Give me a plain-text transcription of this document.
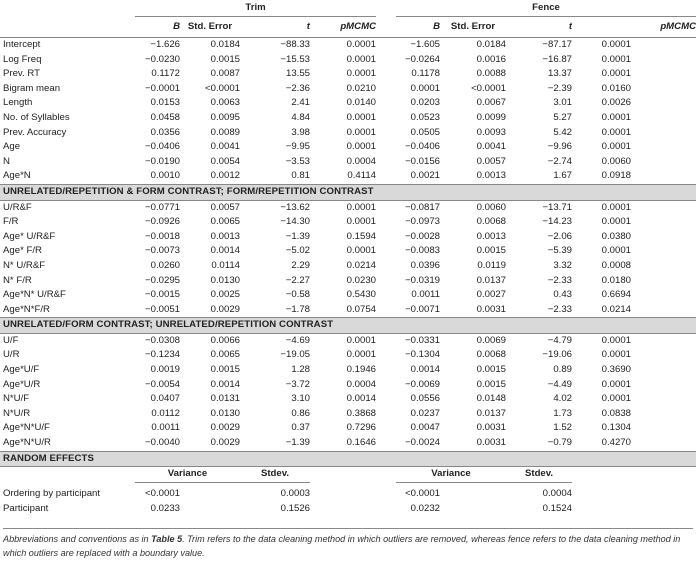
	Trim					Fence				
	B	Std. Error	t	pMCMC		B	Std. Error	t	pMCMC	
Intercept	−1.626	0.0184	−88.33	0.0001		−1.605	0.0184	−87.17	0.0001	
Log Freq	−0.0230	0.0015	−15.53	0.0001		−0.0264	0.0016	−16.87	0.0001	
Prev. RT	0.1172	0.0087	13.55	0.0001		0.1178	0.0088	13.37	0.0001	
Bigram mean	−0.0001	<0.0001	−2.36	0.0210		0.0001	<0.0001	−2.39	0.0160	
Length	0.0153	0.0063	2.41	0.0140		0.0203	0.0067	3.01	0.0026	
No. of Syllables	0.0458	0.0095	4.84	0.0001		0.0523	0.0099	5.27	0.0001	
Prev. Accuracy	0.0356	0.0089	3.98	0.0001		0.0505	0.0093	5.42	0.0001	
Age	−0.0406	0.0041	−9.95	0.0001		−0.0406	0.0041	−9.96	0.0001	
N	−0.0190	0.0054	−3.53	0.0004		−0.0156	0.0057	−2.74	0.0060	
Age*N	0.0010	0.0012	0.81	0.4114		0.0021	0.0013	1.67	0.0918	
UNRELATED/REPETITION & FORM CONTRAST; FORM/REPETITION CONTRAST										
U/R&F	−0.0771	0.0057	−13.62	0.0001		−0.0817	0.0060	−13.71	0.0001	
F/R	−0.0926	0.0065	−14.30	0.0001		−0.0973	0.0068	−14.23	0.0001	
Age* U/R&F	−0.0018	0.0013	−1.39	0.1594		−0.0028	0.0013	−2.06	0.0380	
Age* F/R	−0.0073	0.0014	−5.02	0.0001		−0.0083	0.0015	−5.39	0.0001	
N* U/R&F	0.0260	0.0114	2.29	0.0214		0.0396	0.0119	3.32	0.0008	
N* F/R	−0.0295	0.0130	−2.27	0.0230		−0.0319	0.0137	−2.33	0.0180	
Age*N* U/R&F	−0.0015	0.0025	−0.58	0.5430		0.0011	0.0027	0.43	0.6694	
Age*N*F/R	−0.0051	0.0029	−1.78	0.0754		−0.0071	0.0031	−2.33	0.0214	
UNRELATED/FORM CONTRAST; UNRELATED/REPETITION CONTRAST										
U/F	−0.0308	0.0066	−4.69	0.0001		−0.0331	0.0069	−4.79	0.0001	
U/R	−0.1234	0.0065	−19.05	0.0001		−0.1304	0.0068	−19.06	0.0001	
Age*U/F	0.0019	0.0015	1.28	0.1946		0.0014	0.0015	0.89	0.3690	
Age*U/R	−0.0054	0.0014	−3.72	0.0004		−0.0069	0.0015	−4.49	0.0001	
N*U/F	0.0407	0.0131	3.10	0.0014		0.0556	0.0148	4.02	0.0001	
N*U/R	0.0112	0.0130	0.86	0.3868		0.0237	0.0137	1.73	0.0838	
Age*N*U/F	0.0011	0.0029	0.37	0.7296		0.0047	0.0031	1.52	0.1304	
Age*N*U/R	−0.0040	0.0029	−1.39	0.1646		−0.0024	0.0031	−0.79	0.4270	
RANDOM EFFECTS										
	Variance		Stdev.			Variance		Stdev.		

Ordering by participant	<0.0001		0.0003			<0.0001		0.0004		
Participant	0.0233		0.1526			0.0232		0.1524		
Abbreviations and conventions as in Table 5. Trim refers to the data cleaning method in which outliers are removed, whereas fence refers to the data cleaning method in which outliers are replaced with a boundary value.
